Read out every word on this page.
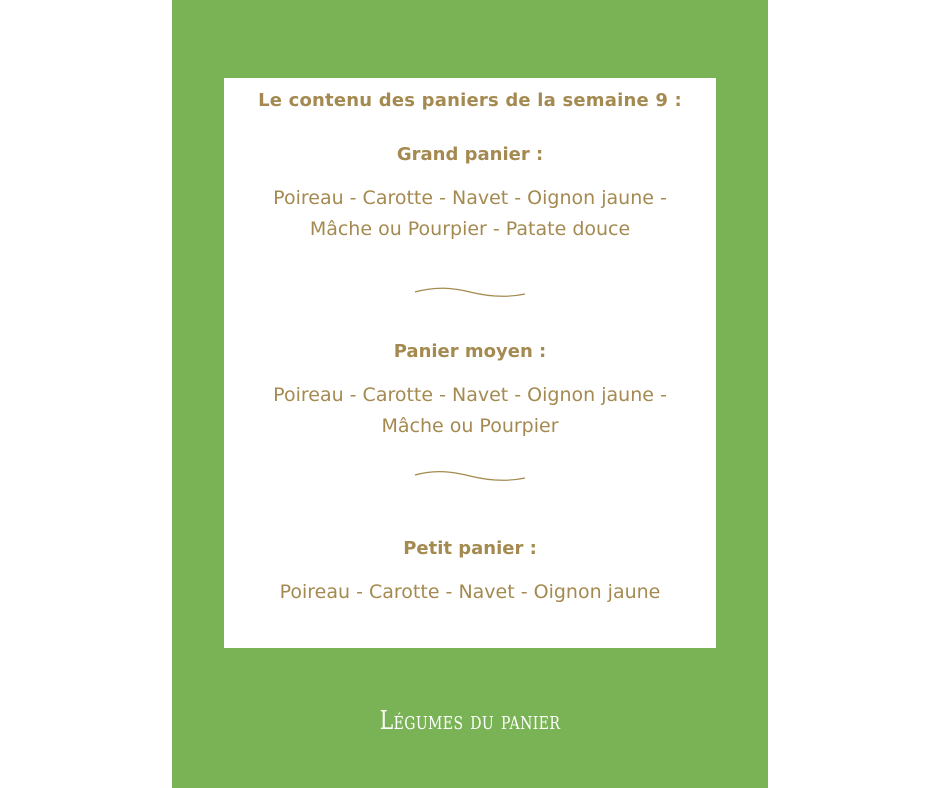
Le contenu des paniers de la semaine 9 :
Grand panier :
Poireau - Carotte - Navet - Oignon jaune -
Mâche ou Pourpier - Patate douce
Panier moyen :
Poireau - Carotte - Navet - Oignon jaune -
Mâche ou Pourpier
Petit panier :
Poireau - Carotte - Navet - Oignon jaune
Légumes du panier
